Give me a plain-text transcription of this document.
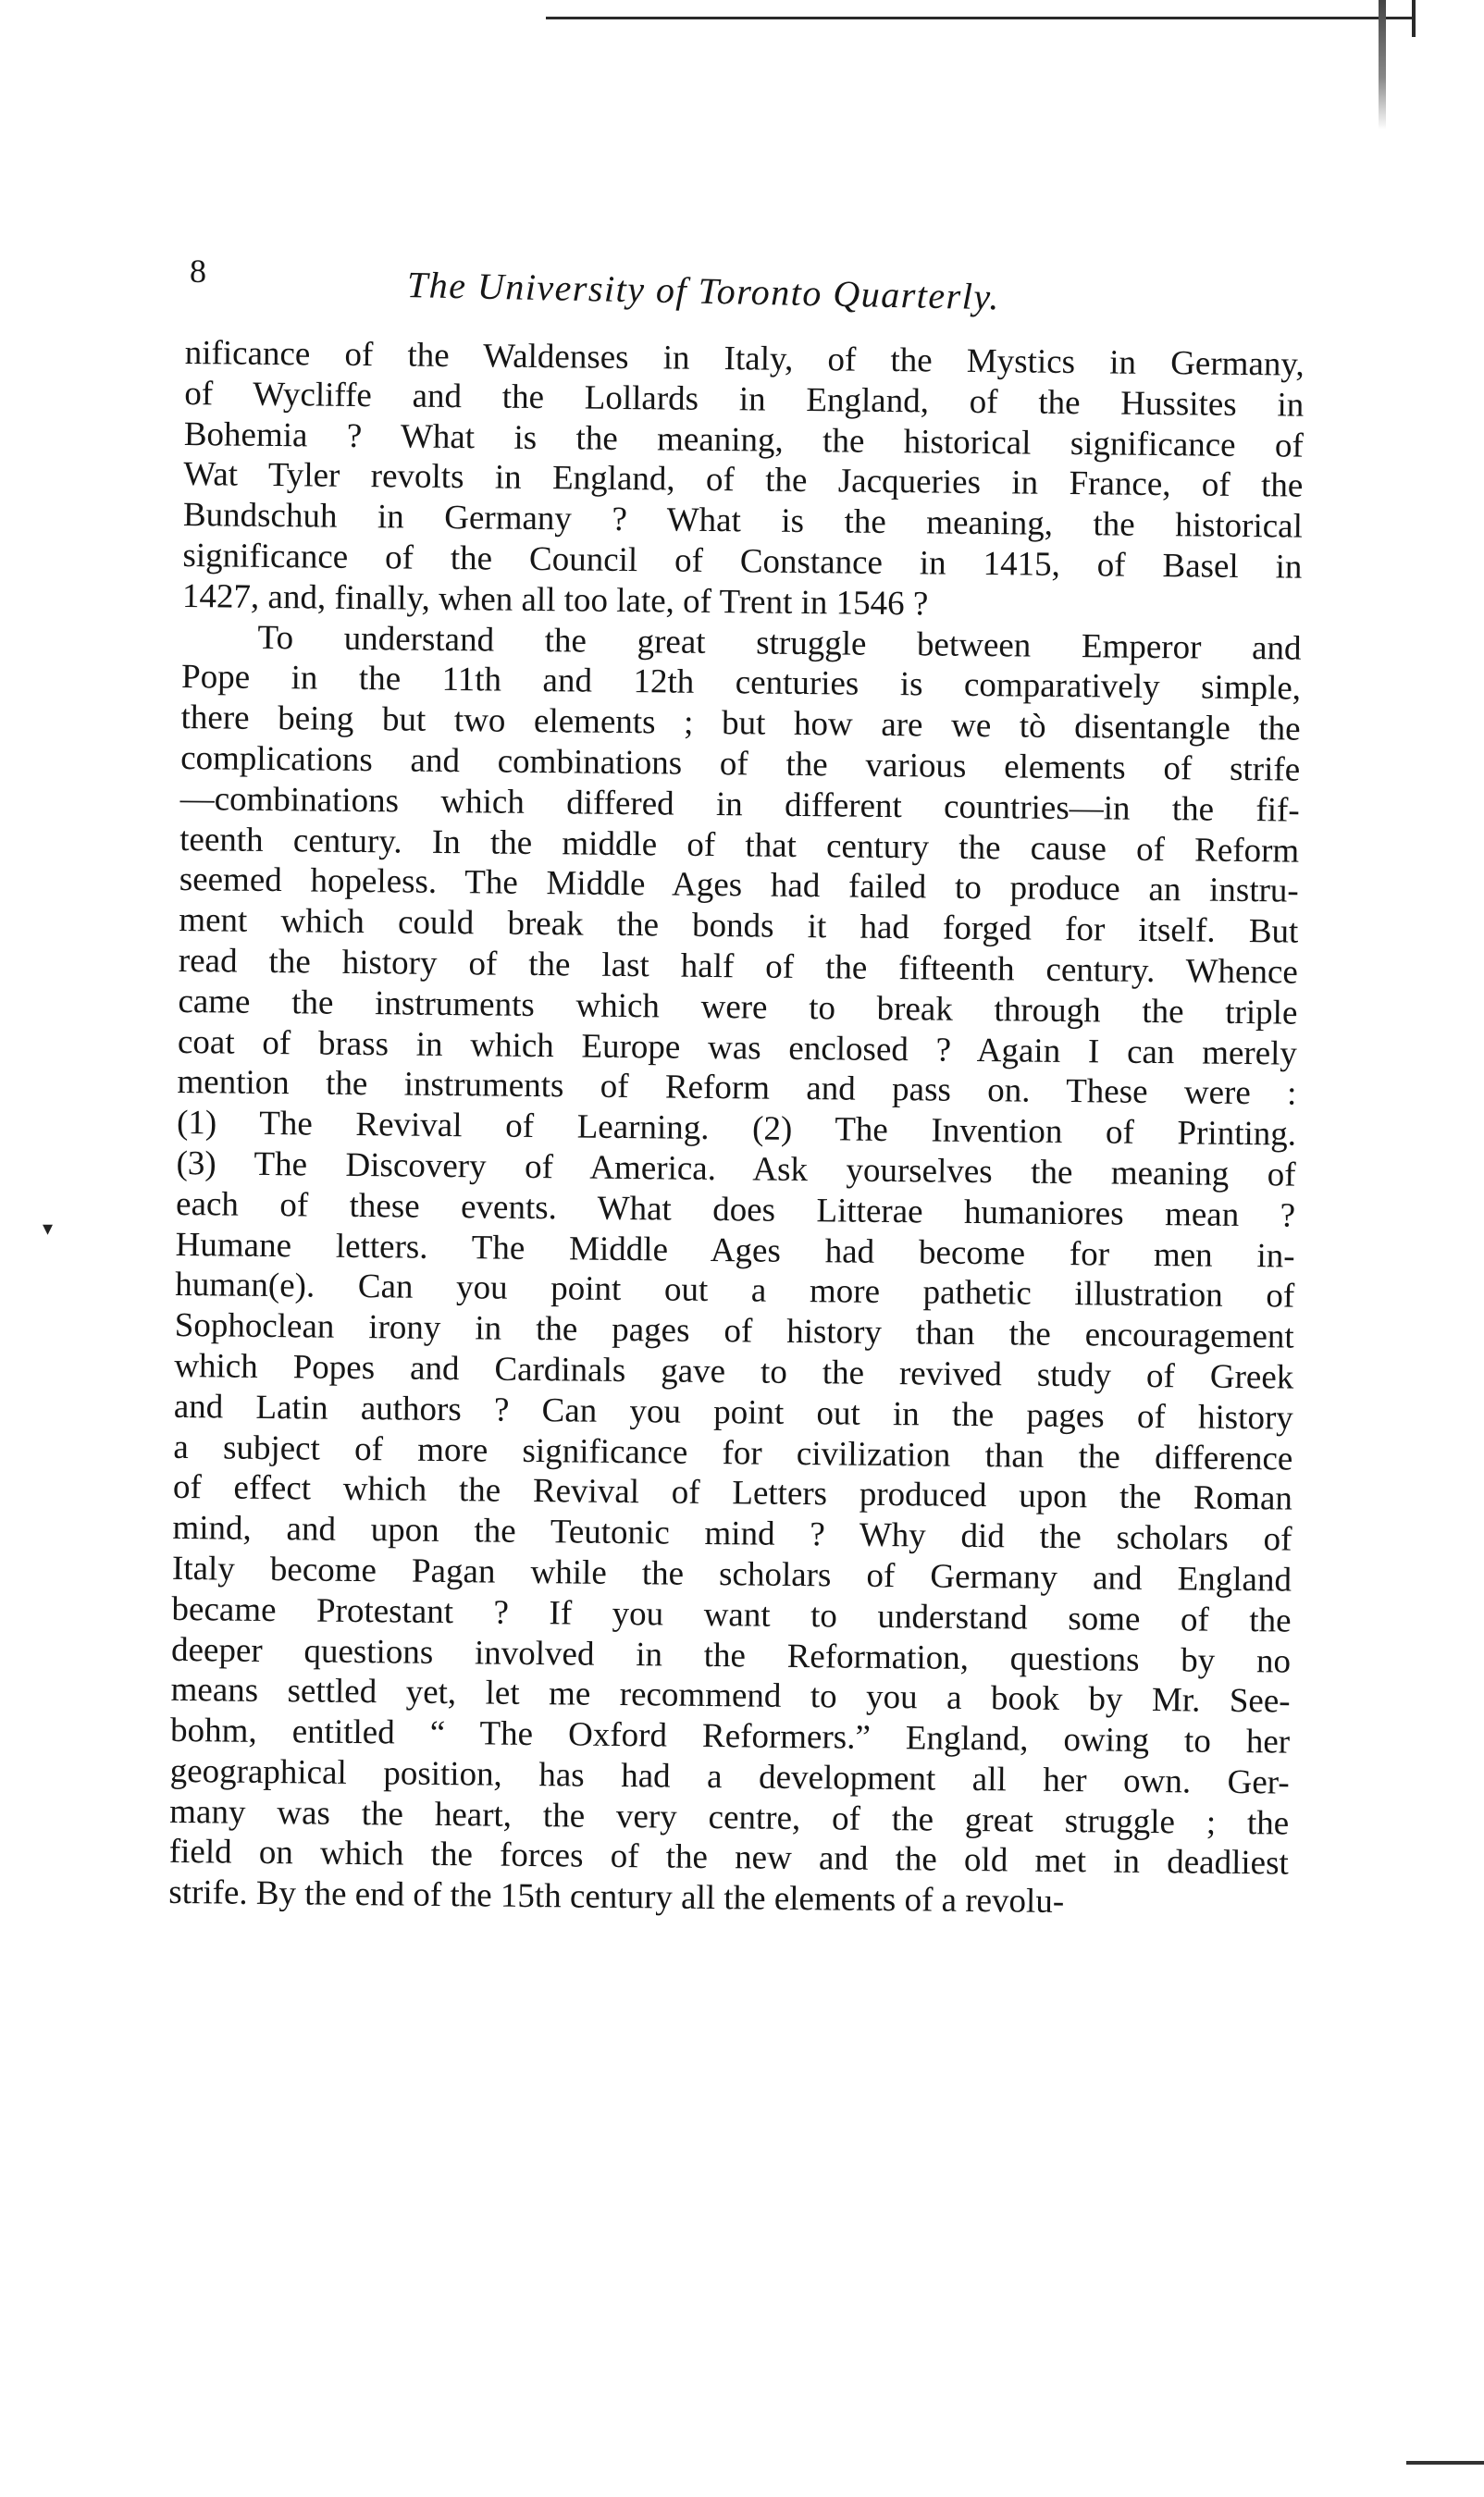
▾
8	The University of Toronto Quarterly.
nificance of the Waldenses in Italy, of the Mystics in Germany,
of Wycliffe and the Lollards in England, of the Hussites in
Bohemia ? What is the meaning, the historical significance of
Wat Tyler revolts in England, of the Jacqueries in France, of the
Bundschuh in Germany ? What is the meaning, the historical
significance of the Council of Constance in 1415, of Basel in
1427, and, finally, when all too late, of Trent in 1546 ?
To understand the great struggle between Emperor and
Pope in the 11th and 12th centuries is comparatively simple,
there being but two elements ; but how are we tò disentangle the
complications and combinations of the various elements of strife
—combinations which differed in different countries—in the fif-
teenth century. In the middle of that century the cause of Reform
seemed hopeless. The Middle Ages had failed to produce an instru-
ment which could break the bonds it had forged for itself. But
read the history of the last half of the fifteenth century. Whence
came the instruments which were to break through the triple
coat of brass in which Europe was enclosed ? Again I can merely
mention the instruments of Reform and pass on. These were :
(1) The Revival of Learning. (2) The Invention of Printing.
(3) The Discovery of America. Ask yourselves the meaning of
each of these events. What does Litterae humaniores mean ?
Humane letters. The Middle Ages had become for men in-
human(e). Can you point out a more pathetic illustration of
Sophoclean irony in the pages of history than the encouragement
which Popes and Cardinals gave to the revived study of Greek
and Latin authors ? Can you point out in the pages of history
a subject of more significance for civilization than the difference
of effect which the Revival of Letters produced upon the Roman
mind, and upon the Teutonic mind ? Why did the scholars of
Italy become Pagan while the scholars of Germany and England
became Protestant ? If you want to understand some of the
deeper questions involved in the Reformation, questions by no
means settled yet, let me recommend to you a book by Mr. See-
bohm, entitled “ The Oxford Reformers.” England, owing to her
geographical position, has had a development all her own. Ger-
many was the heart, the very centre, of the great struggle ; the
field on which the forces of the new and the old met in deadliest
strife. By the end of the 15th century all the elements of a revolu-
